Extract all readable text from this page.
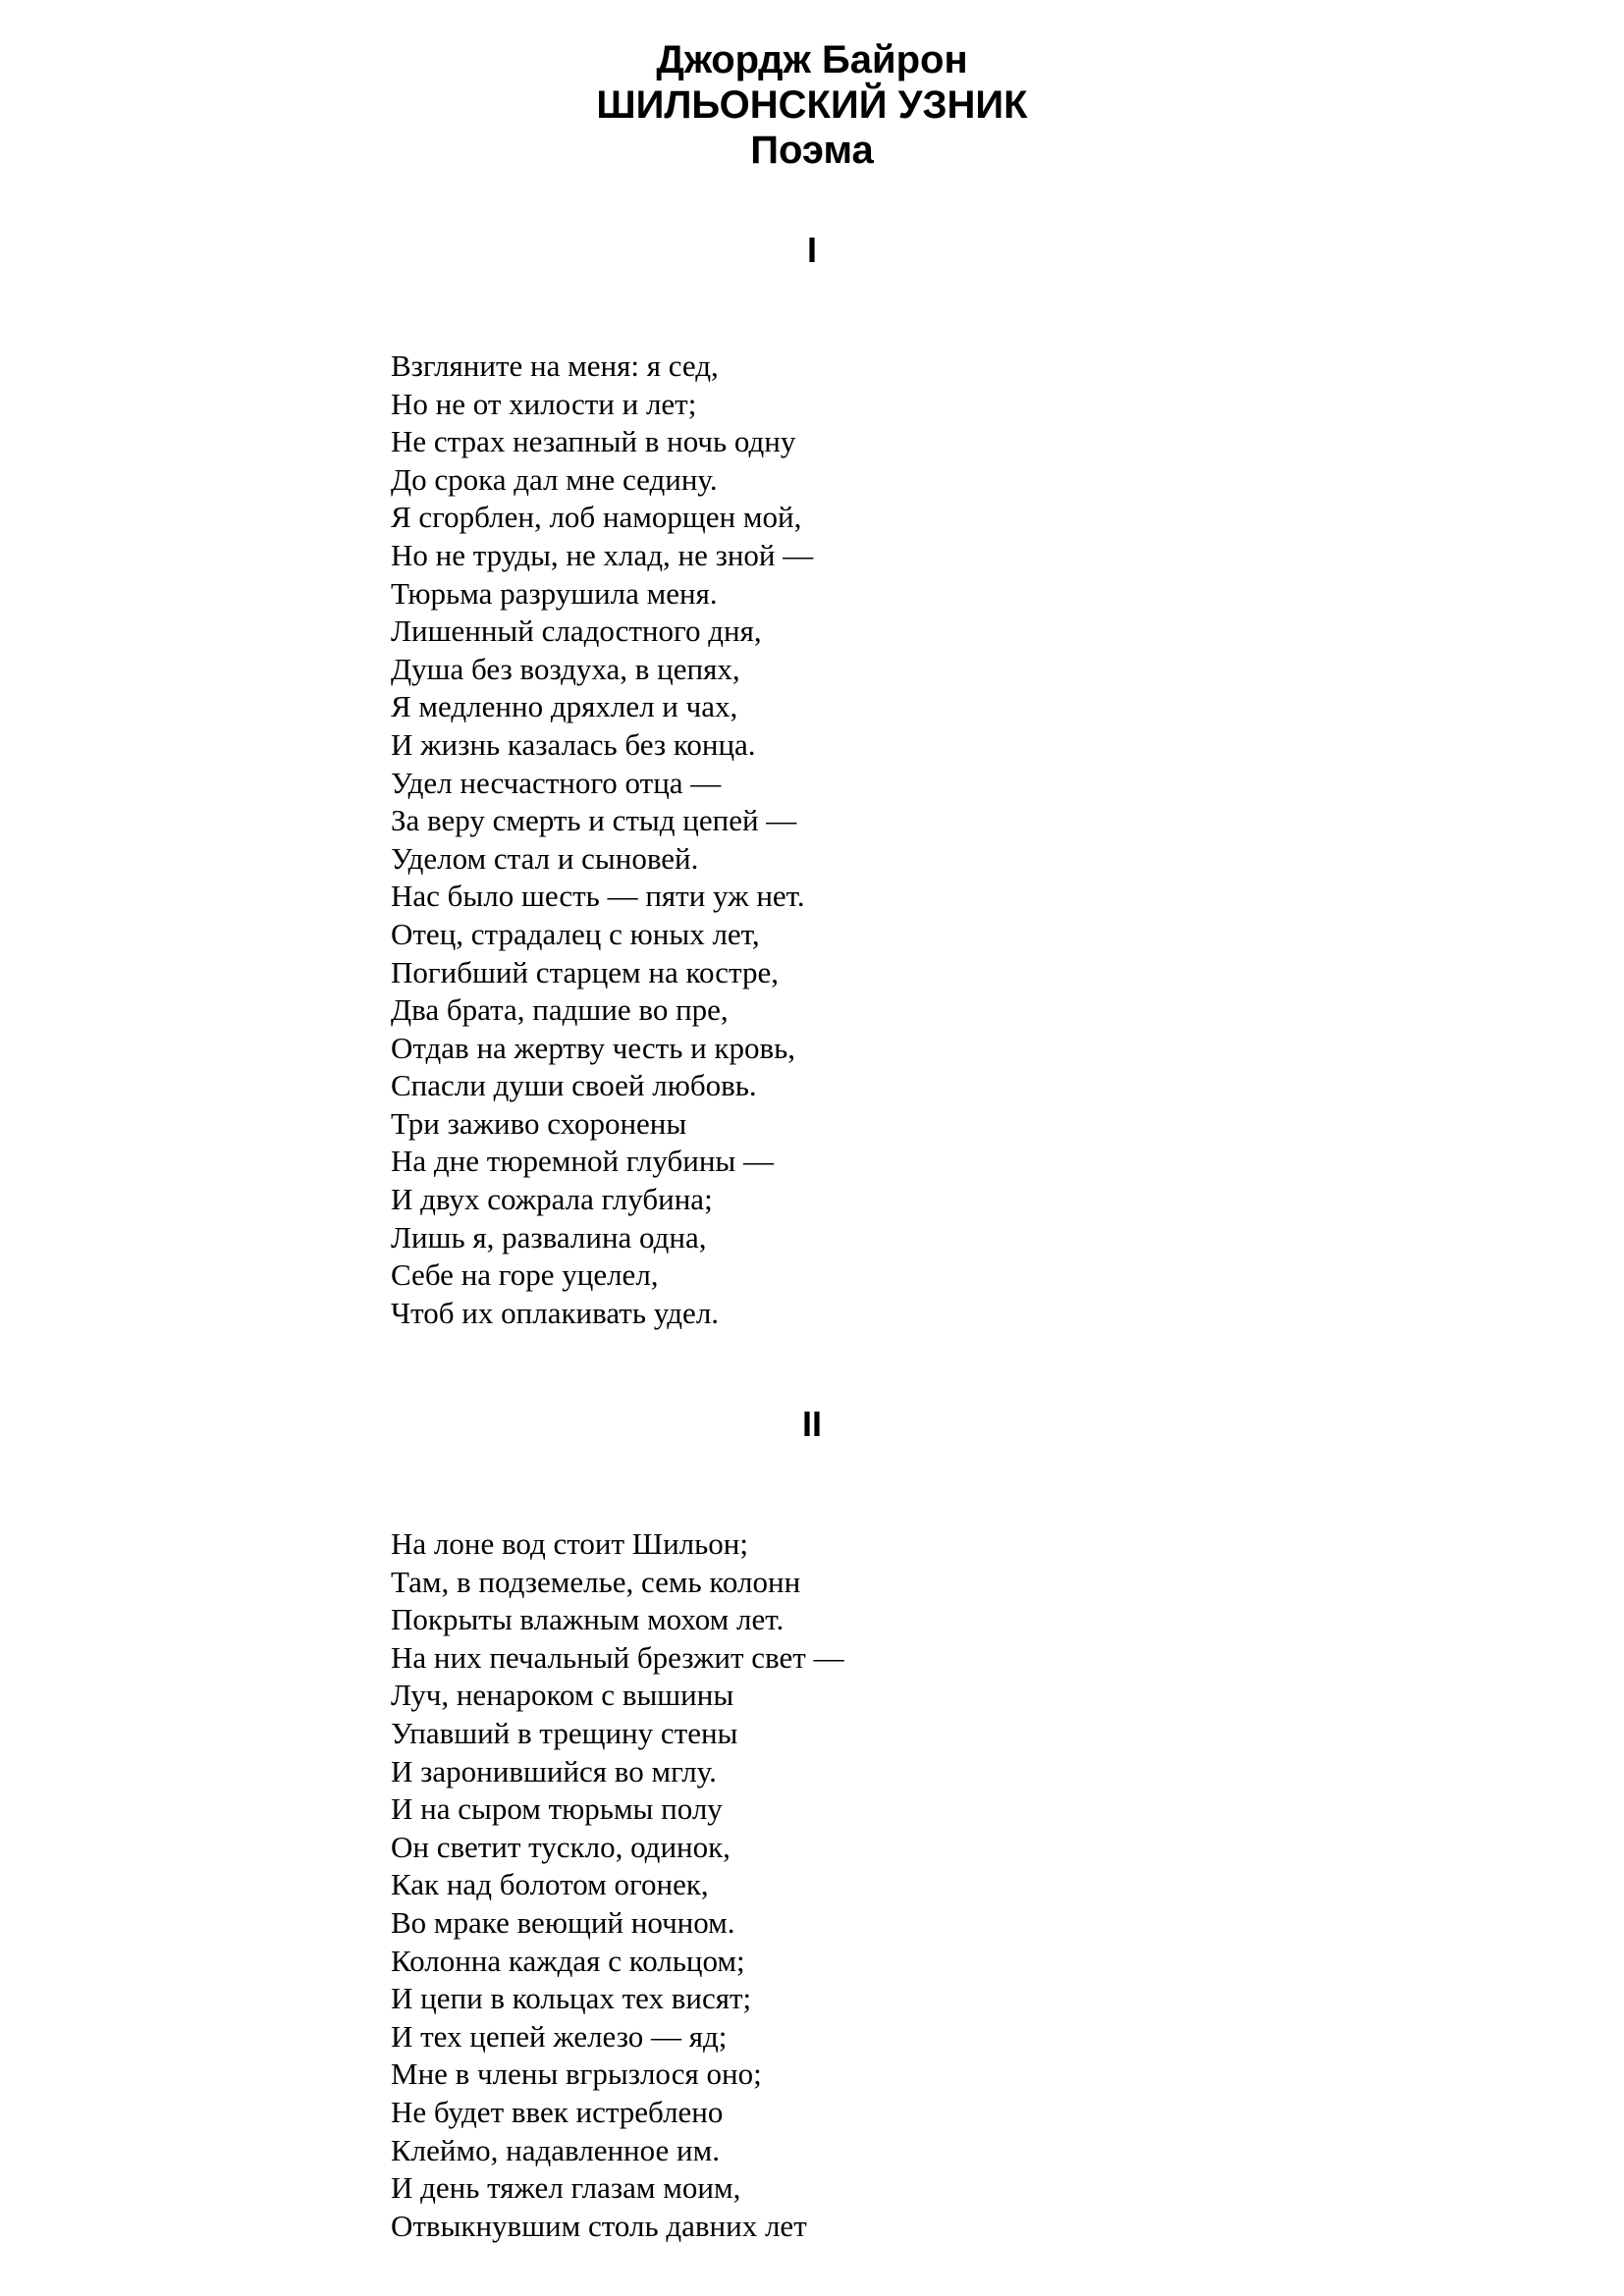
Джордж Байрон
ШИЛЬОНСКИЙ УЗНИК
Поэма
I
Взгляните на меня: я сед,
Но не от хилости и лет;
Не страх незапный в ночь одну
До срока дал мне седину.
Я сгорблен, лоб наморщен мой,
Но не труды, не хлад, не зной —
Тюрьма разрушила меня.
Лишенный сладостного дня,
Душа без воздуха, в цепях,
Я медленно дряхлел и чах,
И жизнь казалась без конца.
Удел несчастного отца —
За веру смерть и стыд цепей —
Уделом стал и сыновей.
Нас было шесть — пяти уж нет.
Отец, страдалец с юных лет,
Погибший старцем на костре,
Два брата, падшие во пре,
Отдав на жертву честь и кровь,
Спасли души своей любовь.
Три заживо схоронены
На дне тюремной глубины —
И двух сожрала глубина;
Лишь я, развалина одна,
Себе на горе уцелел,
Чтоб их оплакивать удел.
II
На лоне вод стоит Шильон;
Там, в подземелье, семь колонн
Покрыты влажным мохом лет.
На них печальный брезжит свет —
Луч, ненароком с вышины
Упавший в трещину стены
И заронившийся во мглу.
И на сыром тюрьмы полу
Он светит тускло, одинок,
Как над болотом огонек,
Во мраке веющий ночном.
Колонна каждая с кольцом;
И цепи в кольцах тех висят;
И тех цепей железо — яд;
Мне в члены вгрызлося оно;
Не будет ввек истреблено
Клеймо, надавленное им.
И день тяжел глазам моим,
Отвыкнувшим столь давних лет
